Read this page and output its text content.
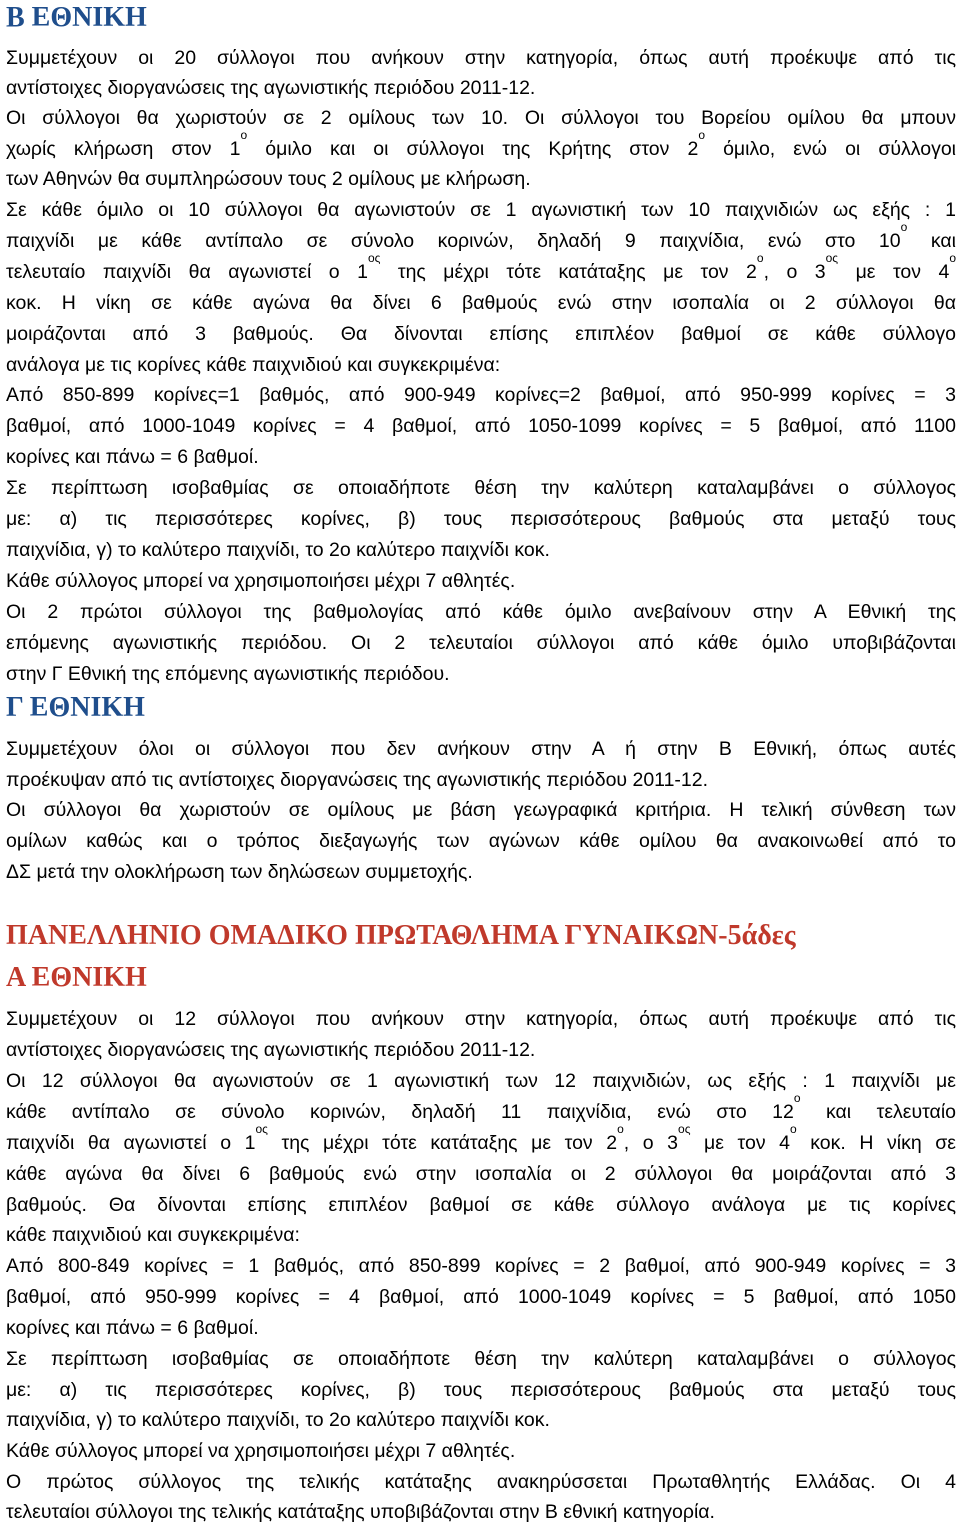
Β ΕΘΝΙΚΗ
Συμμετέχουν οι 20 σύλλογοι που ανήκουν στην κατηγορία, όπως αυτή προέκυψε από τις
αντίστοιχες διοργανώσεις της αγωνιστικής περιόδου 2011-12.
Οι σύλλογοι θα χωριστούν σε 2 ομίλους των 10. Οι σύλλογοι του Βορείου ομίλου θα μπουν
χωρίς κλήρωση στον $1^o$ όμιλο και οι σύλλογοι της Κρήτης στον $2^o$ όμιλο, ενώ οι σύλλογοι
των Αθηνών θα συμπληρώσουν τους 2 ομίλους με κλήρωση.
Σε κάθε όμιλο οι 10 σύλλογοι θα αγωνιστούν σε 1 αγωνιστική των 10 παιχνιδιών ως εξής : 1
παιχνίδι με κάθε αντίπαλο σε σύνολο κορινών, δηλαδή 9 παιχνίδια, ενώ στο $10^o$ και
τελευταίο παιχνίδι θα αγωνιστεί ο $1^{o\varsigma}$ της μέχρι τότε κατάταξης με τον $2^o$, ο $3^{o\varsigma}$ με τον $4^o$
κοκ. Η νίκη σε κάθε αγώνα θα δίνει 6 βαθμούς ενώ στην ισοπαλία οι 2 σύλλογοι θα
μοιράζονται από 3 βαθμούς. Θα δίνονται επίσης επιπλέον βαθμοί σε κάθε σύλλογο
ανάλογα με τις κορίνες κάθε παιχνιδιού και συγκεκριμένα:
Από 850-899 κορίνες=1 βαθμός, από 900-949 κορίνες=2 βαθμοί, από 950-999 κορίνες = 3
βαθμοί, από 1000-1049 κορίνες = 4 βαθμοί, από 1050-1099 κορίνες = 5 βαθμοί, από 1100
κορίνες και πάνω = 6 βαθμοί.
Σε περίπτωση ισοβαθμίας σε οποιαδήποτε θέση την καλύτερη καταλαμβάνει ο σύλλογος
με: α) τις περισσότερες κορίνες, β) τους περισσότερους βαθμούς στα μεταξύ τους
παιχνίδια, γ) το καλύτερο παιχνίδι, το 2ο καλύτερο παιχνίδι κοκ.
Κάθε σύλλογος μπορεί να χρησιμοποιήσει μέχρι 7 αθλητές.
Οι 2 πρώτοι σύλλογοι της βαθμολογίας από κάθε όμιλο ανεβαίνουν στην Α Εθνική της
επόμενης αγωνιστικής περιόδου. Οι 2 τελευταίοι σύλλογοι από κάθε όμιλο υποβιβάζονται
στην Γ Εθνική της επόμενης αγωνιστικής περιόδου.
Γ ΕΘΝΙΚΗ
Συμμετέχουν όλοι οι σύλλογοι που δεν ανήκουν στην Α ή στην Β Εθνική, όπως αυτές
προέκυψαν από τις αντίστοιχες διοργανώσεις της αγωνιστικής περιόδου 2011-12.
Οι σύλλογοι θα χωριστούν σε ομίλους με βάση γεωγραφικά κριτήρια. Η τελική σύνθεση των
ομίλων καθώς και ο τρόπος διεξαγωγής των αγώνων κάθε ομίλου θα ανακοινωθεί από το
ΔΣ μετά την ολοκλήρωση των δηλώσεων συμμετοχής.
ΠΑΝΕΛΛΗΝΙΟ ΟΜΑΔΙΚΟ ΠΡΩΤΑΘΛΗΜΑ ΓΥΝΑΙΚΩΝ-5άδες
Α ΕΘΝΙΚΗ
Συμμετέχουν οι 12 σύλλογοι που ανήκουν στην κατηγορία, όπως αυτή προέκυψε από τις
αντίστοιχες διοργανώσεις της αγωνιστικής περιόδου 2011-12.
Οι 12 σύλλογοι θα αγωνιστούν σε 1 αγωνιστική των 12 παιχνιδιών, ως εξής : 1 παιχνίδι με
κάθε αντίπαλο σε σύνολο κορινών, δηλαδή 11 παιχνίδια, ενώ στο $12^o$ και τελευταίο
παιχνίδι θα αγωνιστεί ο $1^{o\varsigma}$ της μέχρι τότε κατάταξης με τον $2^o$, ο $3^{o\varsigma}$ με τον $4^o$ κοκ. Η νίκη σε
κάθε αγώνα θα δίνει 6 βαθμούς ενώ στην ισοπαλία οι 2 σύλλογοι θα μοιράζονται από 3
βαθμούς. Θα δίνονται επίσης επιπλέον βαθμοί σε κάθε σύλλογο ανάλογα με τις κορίνες
κάθε παιχνιδιού και συγκεκριμένα:
Από 800-849 κορίνες = 1 βαθμός, από 850-899 κορίνες = 2 βαθμοί, από 900-949 κορίνες = 3
βαθμοί, από 950-999 κορίνες = 4 βαθμοί, από 1000-1049 κορίνες = 5 βαθμοί, από 1050
κορίνες και πάνω = 6 βαθμοί.
Σε περίπτωση ισοβαθμίας σε οποιαδήποτε θέση την καλύτερη καταλαμβάνει ο σύλλογος
με: α) τις περισσότερες κορίνες, β) τους περισσότερους βαθμούς στα μεταξύ τους
παιχνίδια, γ) το καλύτερο παιχνίδι, το 2ο καλύτερο παιχνίδι κοκ.
Κάθε σύλλογος μπορεί να χρησιμοποιήσει μέχρι 7 αθλητές.
Ο πρώτος σύλλογος της τελικής κατάταξης ανακηρύσσεται Πρωταθλητής Ελλάδας. Οι 4
τελευταίοι σύλλογοι της τελικής κατάταξης υποβιβάζονται στην Β εθνική κατηγορία.
